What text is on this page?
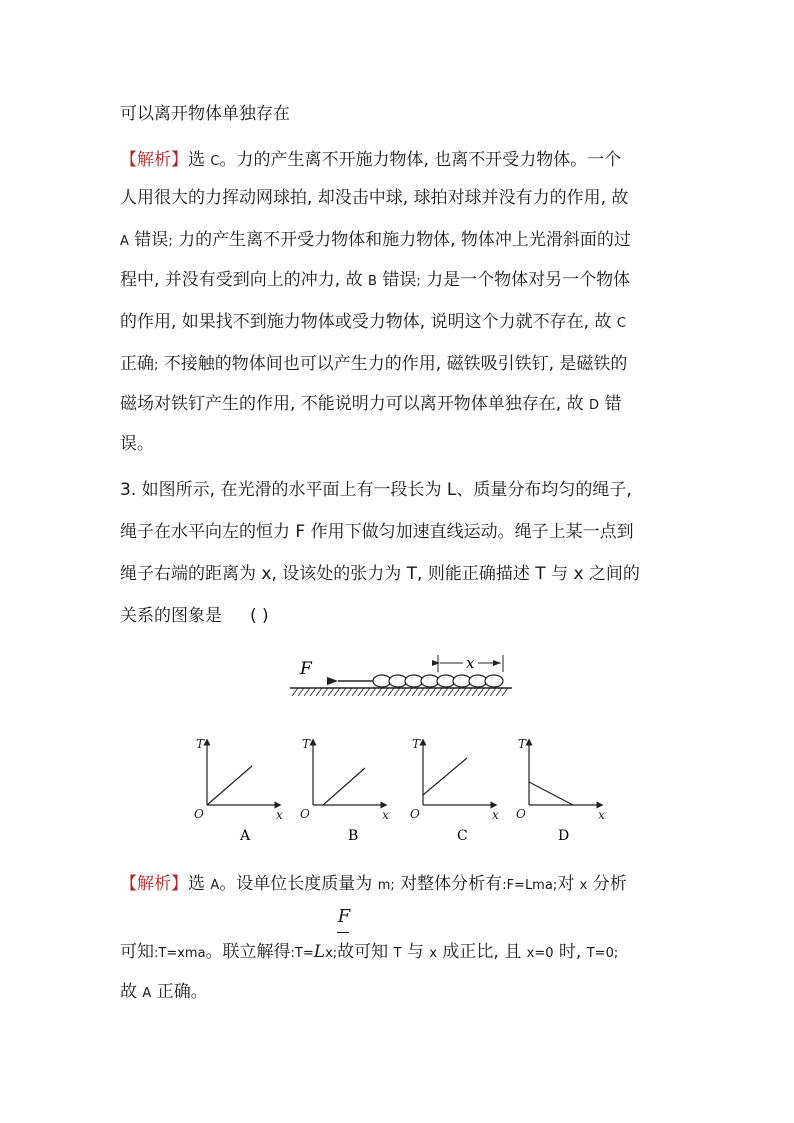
可以离开物体单独存在
【解析】选 C。力的产生离不开施力物体, 也离不开受力物体。一个
人用很大的力挥动网球拍, 却没击中球, 球拍对球并没有力的作用, 故
A 错误; 力的产生离不开受力物体和施力物体, 物体冲上光滑斜面的过
程中, 并没有受到向上的冲力, 故 B 错误; 力是一个物体对另一个物体
的作用, 如果找不到施力物体或受力物体, 说明这个力就不存在, 故 C
正确; 不接触的物体间也可以产生力的作用, 磁铁吸引铁钉, 是磁铁的
磁场对铁钉产生的作用, 不能说明力可以离开物体单独存在, 故 D 错
误。
3. 如图所示, 在光滑的水平面上有一段长为 L、质量分布均匀的绳子,
绳子在水平向左的恒力 F 作用下做匀加速直线运动。绳子上某一点到
绳子右端的距离为 x, 设该处的张力为 T, 则能正确描述 T 与 x 之间的
关系的图象是 ( )
F	x
T
x
O
A
T
x
O
B
T
x
O
C
T
x
O
D
【解析】选 A。设单位长度质量为 m; 对整体分析有:F=Lma;对 x 分析
F
可知:T=xma。联立解得:T=Lx;故可知 T 与 x 成正比, 且 x=0 时, T=0;
故 A 正确。
